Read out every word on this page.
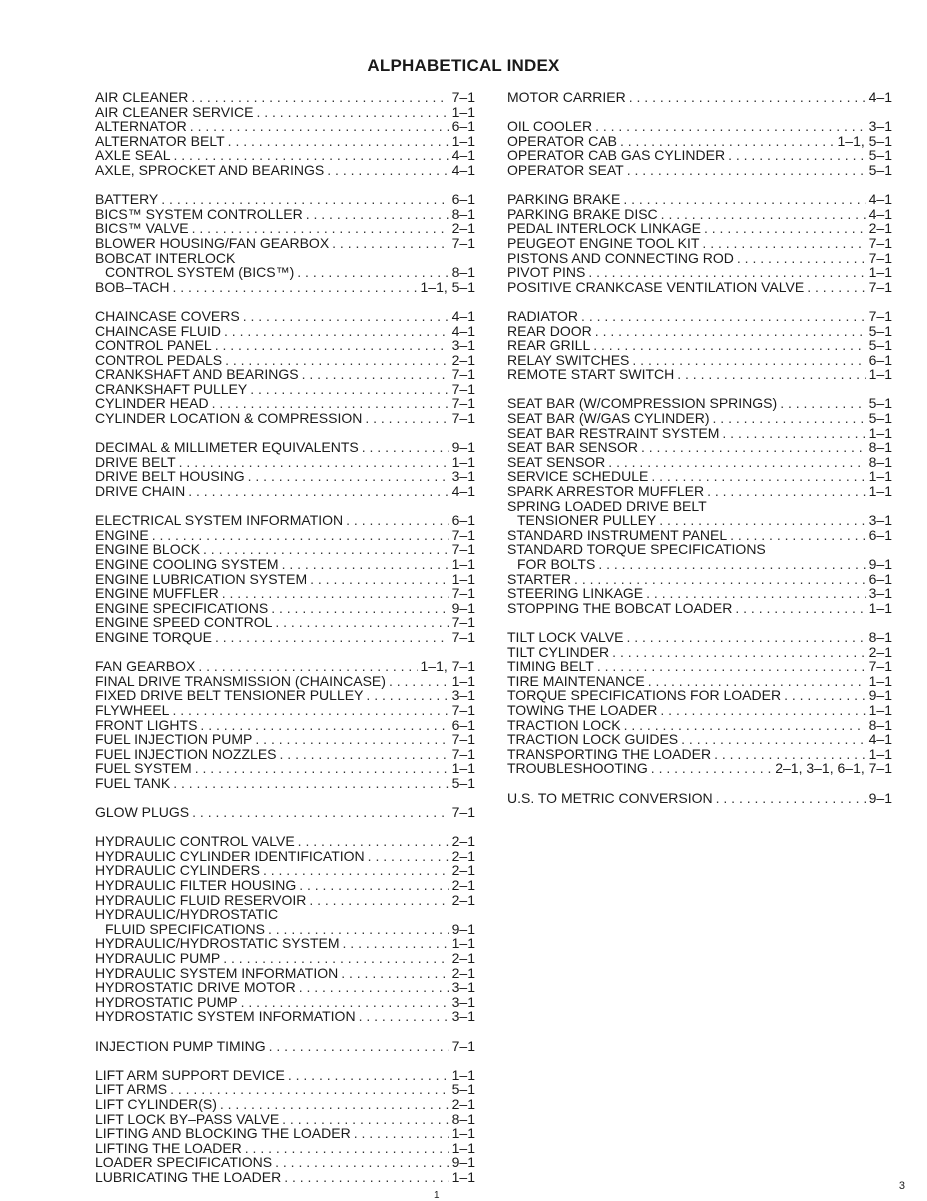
ALPHABETICAL INDEX
AIR CLEANER . . .	7–1
AIR CLEANER SERVICE . . .	1–1
ALTERNATOR . . .	6–1
ALTERNATOR BELT . . .	1–1
AXLE SEAL . . .	4–1
AXLE, SPROCKET AND BEARINGS . . .	4–1
BATTERY . . .	6–1
BICS™ SYSTEM CONTROLLER . . .	8–1
BICS™ VALVE . . .	2–1
BLOWER HOUSING/FAN GEARBOX . . .	7–1
BOBCAT INTERLOCK
CONTROL SYSTEM (BICS™) . . .	8–1
BOB–TACH . . .	1–1, 5–1
CHAINCASE COVERS . . .	4–1
CHAINCASE FLUID . . .	4–1
CONTROL PANEL . . .	3–1
CONTROL PEDALS . . .	2–1
CRANKSHAFT AND BEARINGS . . .	7–1
CRANKSHAFT PULLEY . . .	7–1
CYLINDER HEAD . . .	7–1
CYLINDER LOCATION & COMPRESSION . . .	7–1
DECIMAL & MILLIMETER EQUIVALENTS . . .	9–1
DRIVE BELT . . .	1–1
DRIVE BELT HOUSING . . .	3–1
DRIVE CHAIN . . .	4–1
ELECTRICAL SYSTEM INFORMATION . . .	6–1
ENGINE . . .	7–1
ENGINE BLOCK . . .	7–1
ENGINE COOLING SYSTEM . . .	1–1
ENGINE LUBRICATION SYSTEM . . .	1–1
ENGINE MUFFLER . . .	7–1
ENGINE SPECIFICATIONS . . .	9–1
ENGINE SPEED CONTROL . . .	7–1
ENGINE TORQUE . . .	7–1
FAN GEARBOX . . .	1–1, 7–1
FINAL DRIVE TRANSMISSION (CHAINCASE) . . .	1–1
FIXED DRIVE BELT TENSIONER PULLEY . . .	3–1
FLYWHEEL . . .	7–1
FRONT LIGHTS . . .	6–1
FUEL INJECTION PUMP . . .	7–1
FUEL INJECTION NOZZLES . . .	7–1
FUEL SYSTEM . . .	1–1
FUEL TANK . . .	5–1
GLOW PLUGS . . .	7–1
HYDRAULIC CONTROL VALVE . . .	2–1
HYDRAULIC CYLINDER IDENTIFICATION . . .	2–1
HYDRAULIC CYLINDERS . . .	2–1
HYDRAULIC FILTER HOUSING . . .	2–1
HYDRAULIC FLUID RESERVOIR . . .	2–1
HYDRAULIC/HYDROSTATIC
FLUID SPECIFICATIONS . . .	9–1
HYDRAULIC/HYDROSTATIC SYSTEM . . .	1–1
HYDRAULIC PUMP . . .	2–1
HYDRAULIC SYSTEM INFORMATION . . .	2–1
HYDROSTATIC DRIVE MOTOR . . .	3–1
HYDROSTATIC PUMP . . .	3–1
HYDROSTATIC SYSTEM INFORMATION . . .	3–1
INJECTION PUMP TIMING . . .	7–1
LIFT ARM SUPPORT DEVICE . . .	1–1
LIFT ARMS . . .	5–1
LIFT CYLINDER(S) . . .	2–1
LIFT LOCK BY–PASS VALVE . . .	8–1
LIFTING AND BLOCKING THE LOADER . . .	1–1
LIFTING THE LOADER . . .	1–1
LOADER SPECIFICATIONS . . .	9–1
LUBRICATING THE LOADER . . .	1–1
MOTOR CARRIER . . .	4–1
OIL COOLER . . .	3–1
OPERATOR CAB . . .	1–1, 5–1
OPERATOR CAB GAS CYLINDER . . .	5–1
OPERATOR SEAT . . .	5–1
PARKING BRAKE . . .	4–1
PARKING BRAKE DISC . . .	4–1
PEDAL INTERLOCK LINKAGE . . .	2–1
PEUGEOT ENGINE TOOL KIT . . .	7–1
PISTONS AND CONNECTING ROD . . .	7–1
PIVOT PINS . . .	1–1
POSITIVE CRANKCASE VENTILATION VALVE . . .	7–1
RADIATOR . . .	7–1
REAR DOOR . . .	5–1
REAR GRILL . . .	5–1
RELAY SWITCHES . . .	6–1
REMOTE START SWITCH . . .	1–1
SEAT BAR (W/COMPRESSION SPRINGS) . . .	5–1
SEAT BAR (W/GAS CYLINDER) . . .	5–1
SEAT BAR RESTRAINT SYSTEM . . .	1–1
SEAT BAR SENSOR . . .	8–1
SEAT SENSOR . . .	8–1
SERVICE SCHEDULE . . .	1–1
SPARK ARRESTOR MUFFLER . . .	1–1
SPRING LOADED DRIVE BELT
TENSIONER PULLEY . . .	3–1
STANDARD INSTRUMENT PANEL . . .	6–1
STANDARD TORQUE SPECIFICATIONS
FOR BOLTS . . .	9–1
STARTER . . .	6–1
STEERING LINKAGE . . .	3–1
STOPPING THE BOBCAT LOADER . . .	1–1
TILT LOCK VALVE . . .	8–1
TILT CYLINDER . . .	2–1
TIMING BELT . . .	7–1
TIRE MAINTENANCE . . .	1–1
TORQUE SPECIFICATIONS FOR LOADER . . .	9–1
TOWING THE LOADER . . .	1–1
TRACTION LOCK . . .	8–1
TRACTION LOCK GUIDES . . .	4–1
TRANSPORTING THE LOADER . . .	1–1
TROUBLESHOOTING . . .	2–1, 3–1, 6–1, 7–1
U.S. TO METRIC CONVERSION . . .	9–1
3
1
